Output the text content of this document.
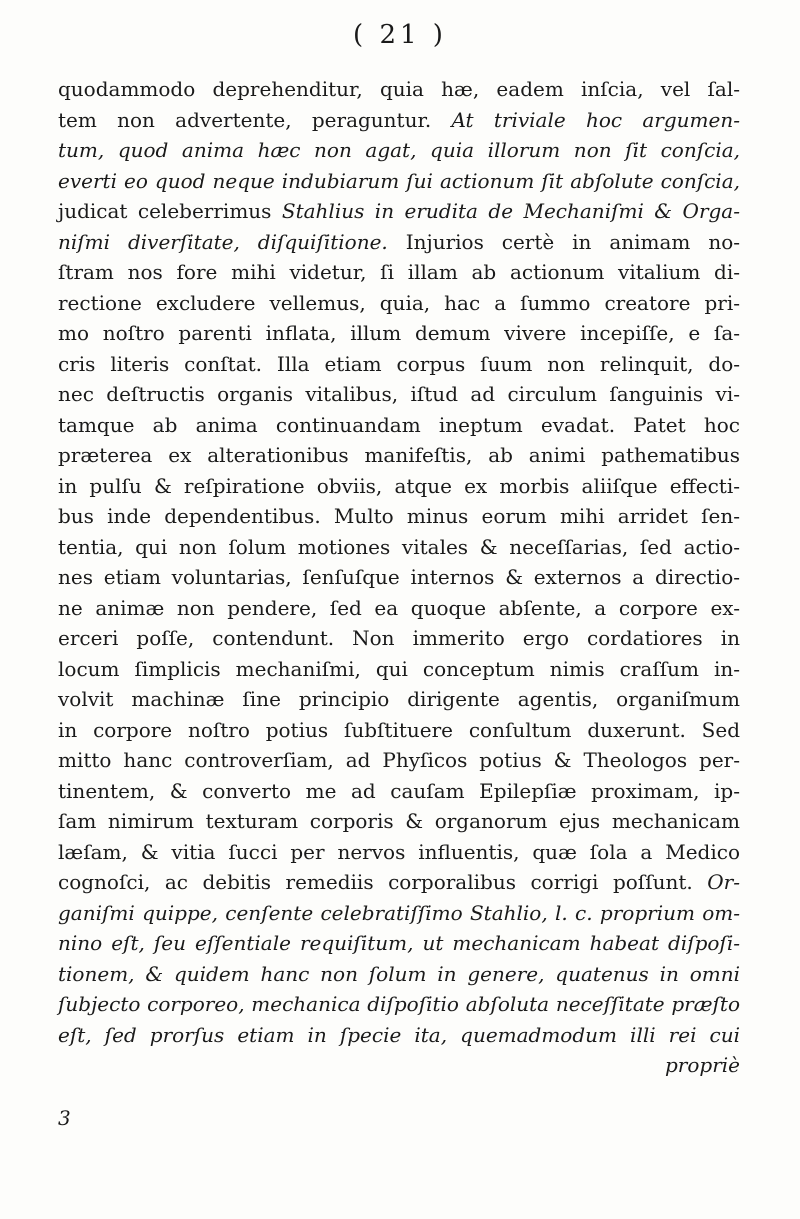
( 21 )
quodammodo deprehenditur, quia hæ, eadem inſcia, vel ſal-
tem non advertente, peraguntur. At triviale hoc argumen-
tum, quod anima hæc non agat, quia illorum non ſit conſcia,
everti eo quod neque indubiarum ſui actionum ſit abſolute conſcia,
judicat celeberrimus Stahlius in erudita de Mechaniſmi & Orga-
niſmi diverſitate, diſquiſitione. Injurios certè in animam no-
ſtram nos fore mihi videtur, ſi illam ab actionum vitalium di-
rectione excludere vellemus, quia, hac a ſummo creatore pri-
mo noſtro parenti inflata, illum demum vivere incepiſſe, e ſa-
cris literis conſtat. Illa etiam corpus ſuum non relinquit, do-
nec deſtructis organis vitalibus, iſtud ad circulum ſanguinis vi-
tamque ab anima continuandam ineptum evadat. Patet hoc
præterea ex alterationibus manifeſtis, ab animi pathematibus
in pulſu & reſpiratione obviis, atque ex morbis aliiſque effecti-
bus inde dependentibus. Multo minus eorum mihi arridet ſen-
tentia, qui non ſolum motiones vitales & neceſſarias, ſed actio-
nes etiam voluntarias, ſenſuſque internos & externos a directio-
ne animæ non pendere, ſed ea quoque abſente, a corpore ex-
erceri poſſe, contendunt. Non immerito ergo cordatiores in
locum ſimplicis mechaniſmi, qui conceptum nimis craſſum in-
volvit machinæ ſine principio dirigente agentis, organiſmum
in corpore noſtro potius ſubſtituere conſultum duxerunt. Sed
mitto hanc controverſiam, ad Phyſicos potius & Theologos per-
tinentem, & converto me ad cauſam Epilepſiæ proximam, ip-
ſam nimirum texturam corporis & organorum ejus mechanicam
læſam, & vitia ſucci per nervos influentis, quæ ſola a Medico
cognoſci, ac debitis remediis corporalibus corrigi poſſunt. Or-
ganiſmi quippe, cenſente celebratiſſimo Stahlio, l. c. proprium om-
nino eſt, ſeu eſſentiale requiſitum, ut mechanicam habeat diſpoſi-
tionem, & quidem hanc non ſolum in genere, quatenus in omni
ſubjecto corporeo, mechanica diſpoſitio abſoluta neceſſitate præſto
eſt, ſed prorſus etiam in ſpecie ita, quemadmodum illi rei cui
propriè
3
